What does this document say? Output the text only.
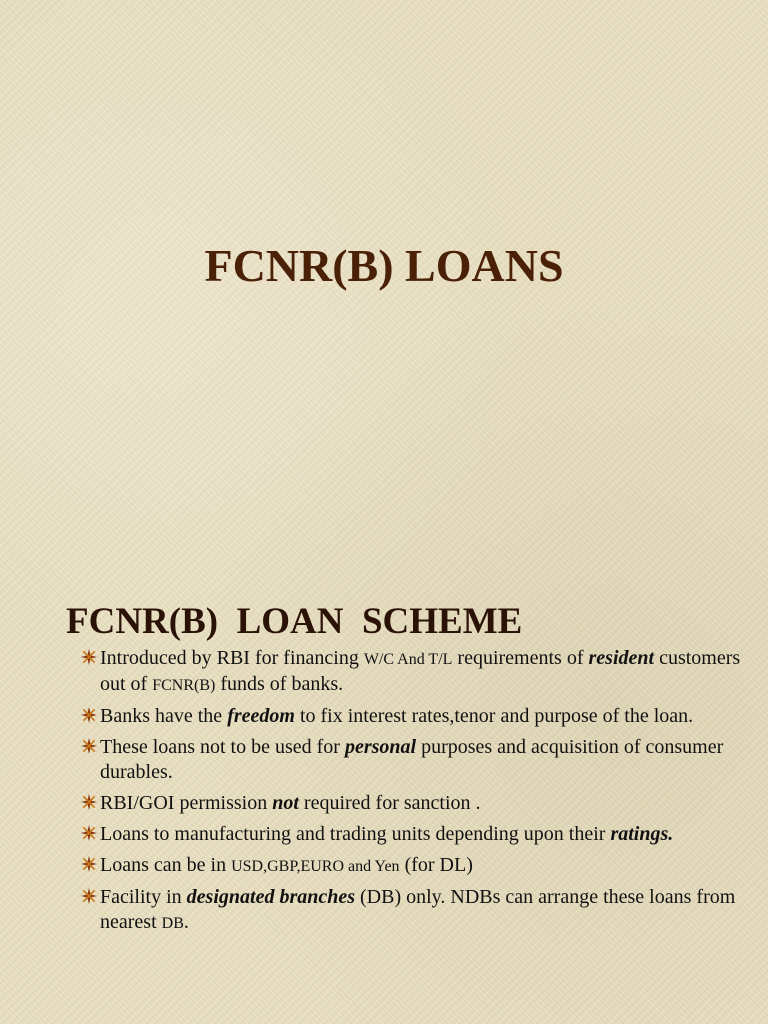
FCNR(B) LOANS
FCNR(B)  LOAN  SCHEME
Introduced by RBI for financing W/C And T/L requirements of resident customers out of FCNR(B) funds of banks.
Banks have the freedom to fix interest rates,tenor and purpose of the loan.
These loans not to be used for personal purposes and acquisition of consumer durables.
RBI/GOI permission not required for sanction .
Loans to manufacturing and trading units depending upon their ratings.
Loans can be in USD,GBP,EURO and Yen (for DL)
Facility in designated branches (DB) only. NDBs can arrange these loans from nearest DB.
